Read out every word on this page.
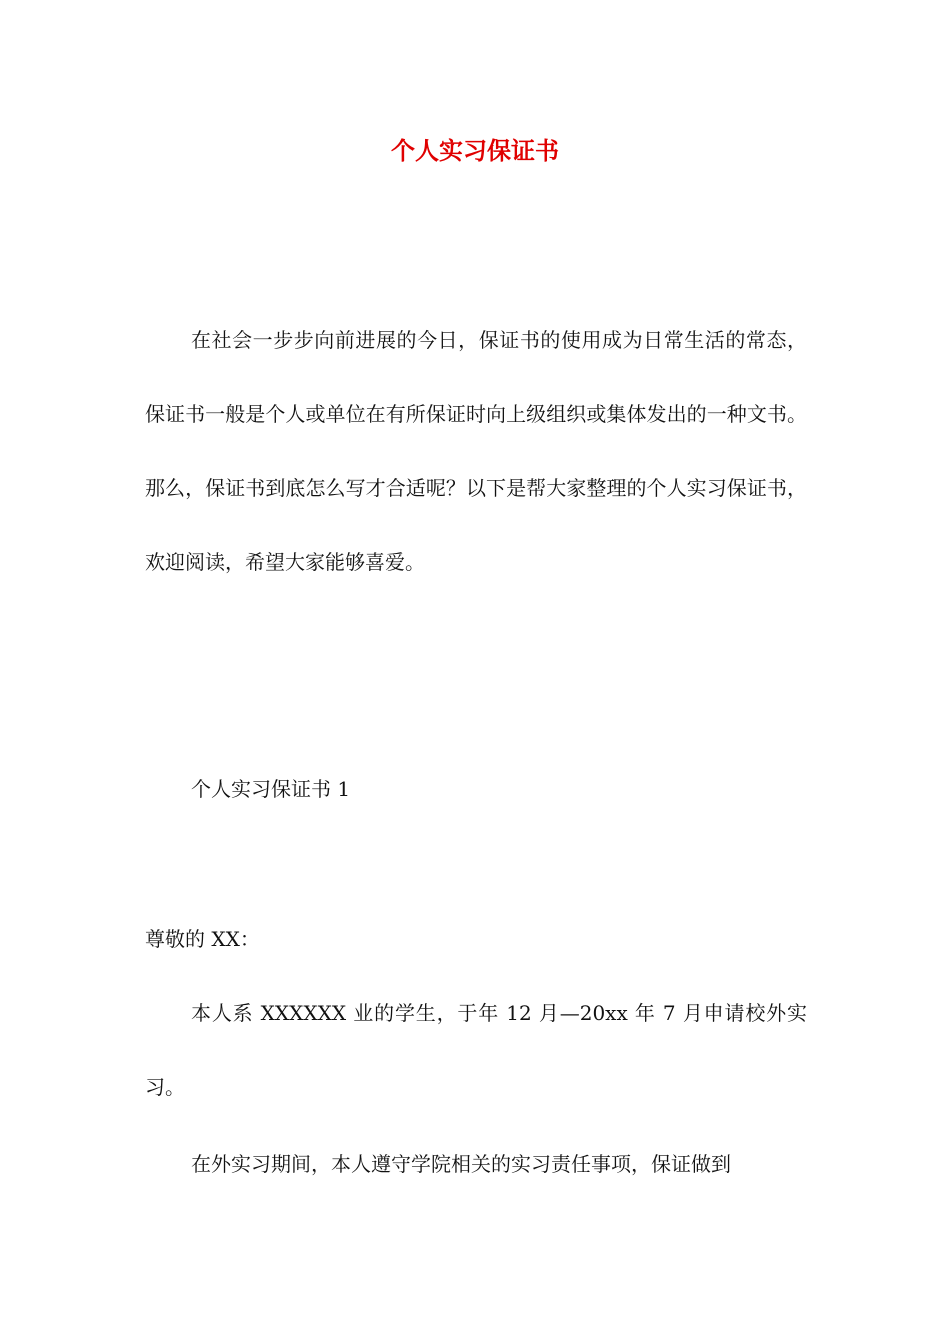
个人实习保证书

在社会一步步向前进展的今日，保证书的使用成为日常生活的常态，保证书一般是个人或单位在有所保证时向上级组织或集体发出的一种文书。那么，保证书到底怎么写才合适呢？以下是帮大家整理的个人实习保证书，欢迎阅读，希望大家能够喜爱。

个人实习保证书 1

尊敬的 XX：

本人系 XXXXXX 业的学生，于年 12 月—20xx 年 7 月申请校外实习。

在外实习期间，本人遵守学院相关的实习责任事项，保证做到
